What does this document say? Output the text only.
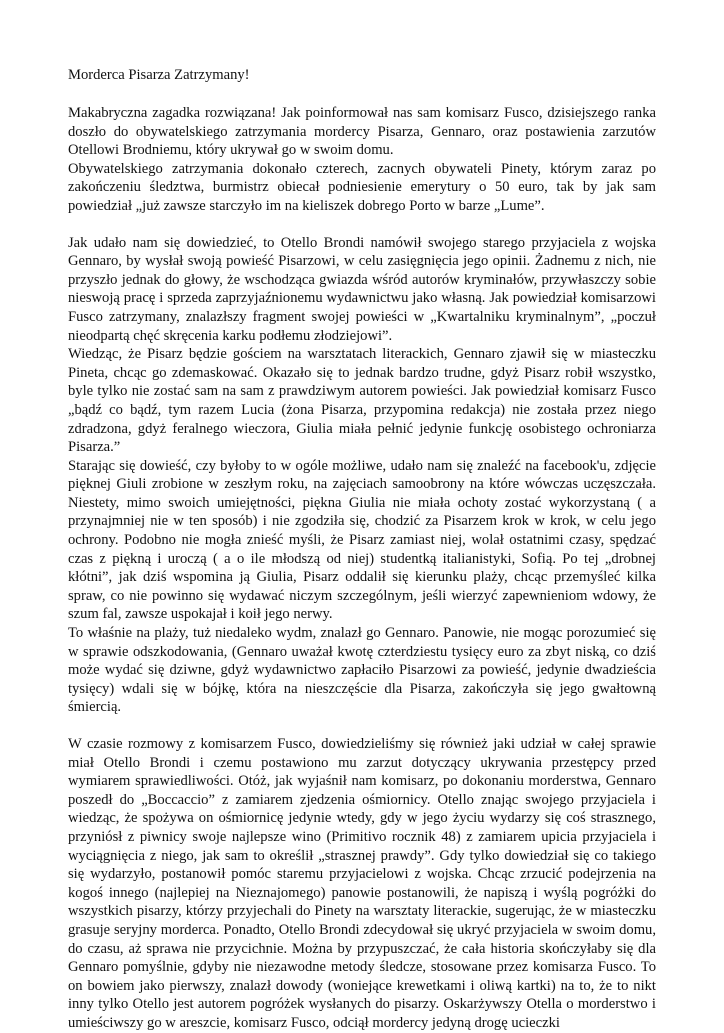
Morderca Pisarza Zatrzymany!

Makabryczna zagadka rozwiązana! Jak poinformował nas sam komisarz Fusco, dzisiejszego ranka doszło do obywatelskiego zatrzymania mordercy Pisarza, Gennaro, oraz postawienia zarzutów Otellowi Brodniemu, który ukrywał go w swoim domu.

Obywatelskiego zatrzymania dokonało czterech, zacnych obywateli Pinety, którym zaraz po zakończeniu śledztwa, burmistrz obiecał podniesienie emerytury o 50 euro, tak by jak sam powiedział „już zawsze starczyło im na kieliszek dobrego Porto w barze „Lume”.

Jak udało nam się dowiedzieć, to Otello Brondi namówił swojego starego przyjaciela z wojska Gennaro, by wysłał swoją powieść Pisarzowi, w celu zasięgnięcia jego opinii. Żadnemu z nich, nie przyszło jednak do głowy, że wschodząca gwiazda wśród autorów kryminałów, przywłaszczy sobie nieswoją pracę i sprzeda zaprzyjaźnionemu wydawnictwu jako własną. Jak powiedział komisarzowi Fusco zatrzymany, znalazłszy fragment swojej powieści w „Kwartalniku kryminalnym”, „poczuł nieodpartą chęć skręcenia karku podłemu złodziejowi”.

Wiedząc, że Pisarz będzie gościem na warsztatach literackich, Gennaro zjawił się w miasteczku Pineta, chcąc go zdemaskować. Okazało się to jednak bardzo trudne, gdyż Pisarz robił wszystko, byle tylko nie zostać sam na sam z prawdziwym autorem powieści. Jak powiedział komisarz Fusco „bądź co bądź, tym razem Lucia (żona Pisarza, przypomina redakcja) nie została przez niego zdradzona, gdyż feralnego wieczora, Giulia miała pełnić jedynie funkcję osobistego ochroniarza Pisarza.”

Starając się dowieść, czy byłoby to w ogóle możliwe, udało nam się znaleźć na facebook'u, zdjęcie pięknej Giuli zrobione w zeszłym roku, na zajęciach samoobrony na które wówczas uczęszczała. Niestety, mimo swoich umiejętności, piękna Giulia nie miała ochoty zostać wykorzystaną ( a przynajmniej nie w ten sposób) i nie zgodziła się, chodzić za Pisarzem krok w krok, w celu jego ochrony. Podobno nie mogła znieść myśli, że Pisarz zamiast niej, wolał ostatnimi czasy, spędzać czas z piękną i uroczą ( a o ile młodszą od niej) studentką italianistyki, Sofią. Po tej „drobnej kłótni”, jak dziś wspomina ją Giulia, Pisarz oddalił się kierunku plaży, chcąc przemyśleć kilka spraw, co nie powinno się wydawać niczym szczególnym, jeśli wierzyć zapewnieniom wdowy, że szum fal, zawsze uspokajał i koił jego nerwy.

To właśnie na plaży, tuż niedaleko wydm, znalazł go Gennaro. Panowie, nie mogąc porozumieć się w sprawie odszkodowania, (Gennaro uważał kwotę czterdziestu tysięcy euro za zbyt niską, co dziś może wydać się dziwne, gdyż wydawnictwo zapłaciło Pisarzowi za powieść, jedynie dwadzieścia tysięcy) wdali się w bójkę, która na nieszczęście dla Pisarza, zakończyła się jego gwałtowną śmiercią.

W czasie rozmowy z komisarzem Fusco, dowiedzieliśmy się również jaki udział w całej sprawie miał Otello Brondi i czemu postawiono mu zarzut dotyczący ukrywania przestępcy przed wymiarem sprawiedliwości. Otóż, jak wyjaśnił nam komisarz, po dokonaniu morderstwa, Gennaro poszedł do „Boccaccio” z zamiarem zjedzenia ośmiornicy. Otello znając swojego przyjaciela i wiedząc, że spożywa on ośmiornicę jedynie wtedy, gdy w jego życiu wydarzy się coś strasznego, przyniósł z piwnicy swoje najlepsze wino (Primitivo rocznik 48) z zamiarem upicia przyjaciela i wyciągnięcia z niego, jak sam to określił „strasznej prawdy”. Gdy tylko dowiedział się co takiego się wydarzyło, postanowił pomóc staremu przyjacielowi z wojska. Chcąc zrzucić podejrzenia na kogoś innego (najlepiej na Nieznajomego) panowie postanowili, że napiszą i wyślą pogróżki do wszystkich pisarzy, którzy przyjechali do Pinety na warsztaty literackie, sugerując, że w miasteczku grasuje seryjny morderca. Ponadto, Otello Brondi zdecydował się ukryć przyjaciela w swoim domu, do czasu, aż sprawa nie przycichnie. Można by przypuszczać, że cała historia skończyłaby się dla Gennaro pomyślnie, gdyby nie niezawodne metody śledcze, stosowane przez komisarza Fusco. To on bowiem jako pierwszy, znalazł dowody (woniejące krewetkami i oliwą kartki) na to, że to nikt inny tylko Otello jest autorem pogróżek wysłanych do pisarzy. Oskarżywszy Otella o morderstwo i umieściwszy go w areszcie, komisarz Fusco, odciął mordercy jedyną drogę ucieczki
